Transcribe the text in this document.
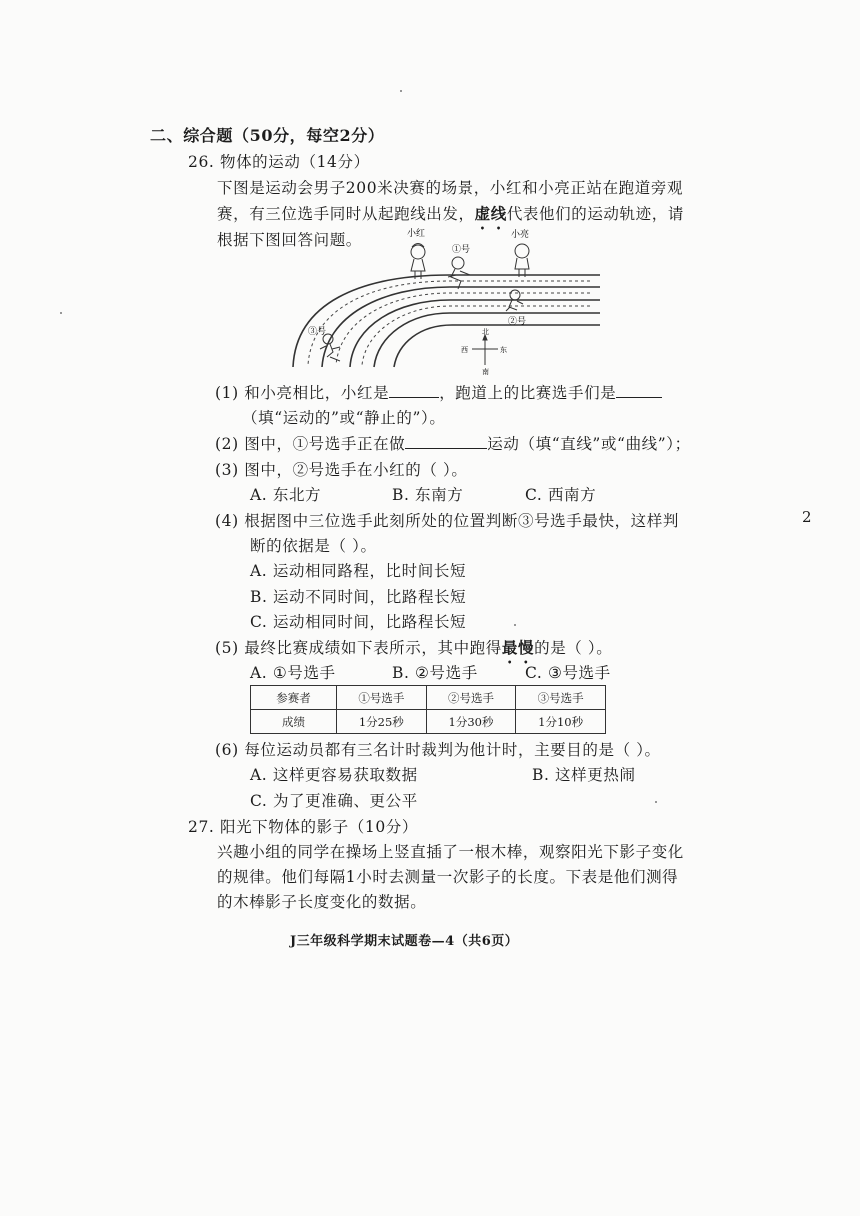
二、综合题（50分，每空2分）
26. 物体的运动（14分）
下图是运动会男子200米决赛的场景，小红和小亮正站在跑道旁观
赛，有三位选手同时从起跑线出发，虚线代表他们的运动轨迹，请
根据下图回答问题。	小红
①号
小亮
②号
③号	北
南
西	东
(1) 和小亮相比，小红是	，跑道上的比赛选手们是
（填“运动的”或“静止的”）。
(2) 图中，①号选手正在做	运动（填“直线”或“曲线”）；
(3) 图中，②号选手在小红的（ ）。
A. 东北方	B. 东南方	C. 西南方
(4) 根据图中三位选手此刻所处的位置判断③号选手最快，这样判
断的依据是（ ）。
A. 运动相同路程，比时间长短
B. 运动不同时间，比路程长短
C. 运动相同时间，比路程长短
(5) 最终比赛成绩如下表所示，其中跑得最慢的是（ ）。
A. ①号选手	B. ②号选手	C. ③号选手
参赛者	①号选手	②号选手	③号选手
成绩	1分25秒	1分30秒	1分10秒
(6) 每位运动员都有三名计时裁判为他计时，主要目的是（ ）。
A. 这样更容易获取数据	B. 这样更热闹
C. 为了更准确、更公平
27. 阳光下物体的影子（10分）
兴趣小组的同学在操场上竖直插了一根木棒，观察阳光下影子变化
的规律。他们每隔1小时去测量一次影子的长度。下表是他们测得
的木棒影子长度变化的数据。
J三年级科学期末试题卷—4（共6页）
2
